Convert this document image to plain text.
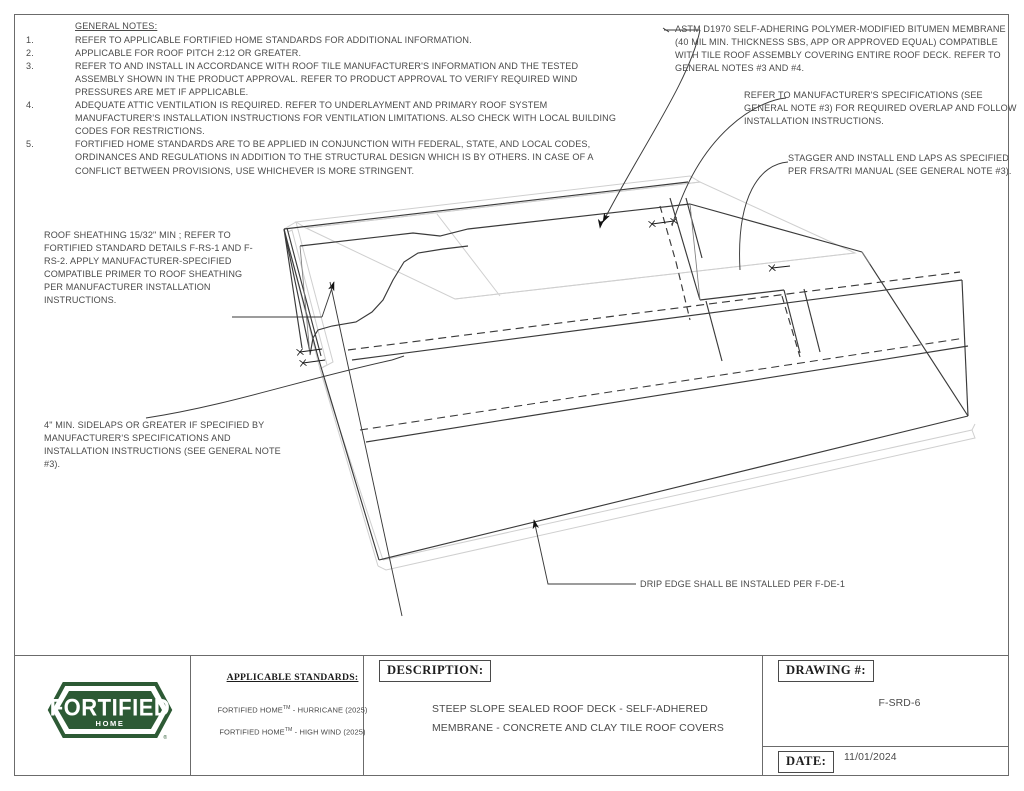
GENERAL NOTES:
1.	REFER TO APPLICABLE FORTIFIED HOME STANDARDS FOR ADDITIONAL INFORMATION.
2.	APPLICABLE FOR ROOF PITCH 2:12 OR GREATER.
3.	REFER TO AND INSTALL IN ACCORDANCE WITH ROOF TILE MANUFACTURER'S INFORMATION AND THE TESTED ASSEMBLY SHOWN IN THE PRODUCT APPROVAL. REFER TO PRODUCT APPROVAL TO VERIFY REQUIRED WIND PRESSURES ARE MET IF APPLICABLE.
4.	ADEQUATE ATTIC VENTILATION IS REQUIRED. REFER TO UNDERLAYMENT AND PRIMARY ROOF SYSTEM MANUFACTURER'S INSTALLATION INSTRUCTIONS FOR VENTILATION LIMITATIONS. ALSO CHECK WITH LOCAL BUILDING CODES FOR RESTRICTIONS.
5.	FORTIFIED HOME STANDARDS ARE TO BE APPLIED IN CONJUNCTION WITH FEDERAL, STATE, AND LOCAL CODES, ORDINANCES AND REGULATIONS IN ADDITION TO THE STRUCTURAL DESIGN WHICH IS BY OTHERS. IN CASE OF A CONFLICT BETWEEN PROVISIONS, USE WHICHEVER IS MORE STRINGENT.
ASTM D1970 SELF-ADHERING POLYMER-MODIFIED BITUMEN MEMBRANE (40 MIL MIN. THICKNESS SBS, APP OR APPROVED EQUAL) COMPATIBLE WITH TILE ROOF ASSEMBLY COVERING ENTIRE ROOF DECK. REFER TO GENERAL NOTES #3 AND #4.
REFER TO MANUFACTURER'S SPECIFICATIONS (SEE GENERAL NOTE #3) FOR REQUIRED OVERLAP AND FOLLOW INSTALLATION INSTRUCTIONS.
STAGGER AND INSTALL END LAPS AS SPECIFIED PER FRSA/TRI MANUAL (SEE GENERAL NOTE #3).
ROOF SHEATHING 15/32" MIN ; REFER TO FORTIFIED STANDARD DETAILS F-RS-1 AND F-RS-2. APPLY MANUFACTURER-SPECIFIED COMPATIBLE PRIMER TO ROOF SHEATHING PER MANUFACTURER INSTALLATION INSTRUCTIONS.
4" MIN. SIDELAPS OR GREATER IF SPECIFIED BY MANUFACTURER'S SPECIFICATIONS AND INSTALLATION INSTRUCTIONS (SEE GENERAL NOTE #3).
DRIP EDGE SHALL BE INSTALLED PER F-DE-1
FORTIFIED
HOME
®
APPLICABLE STANDARDS:
FORTIFIED HOME™ - HURRICANE (2025)
FORTIFIED HOME™ - HIGH WIND (2025)
DESCRIPTION:
STEEP SLOPE SEALED ROOF DECK - SELF-ADHERED MEMBRANE - CONCRETE AND CLAY TILE ROOF COVERS
DRAWING #:
F-SRD-6
DATE:	11/01/2024
